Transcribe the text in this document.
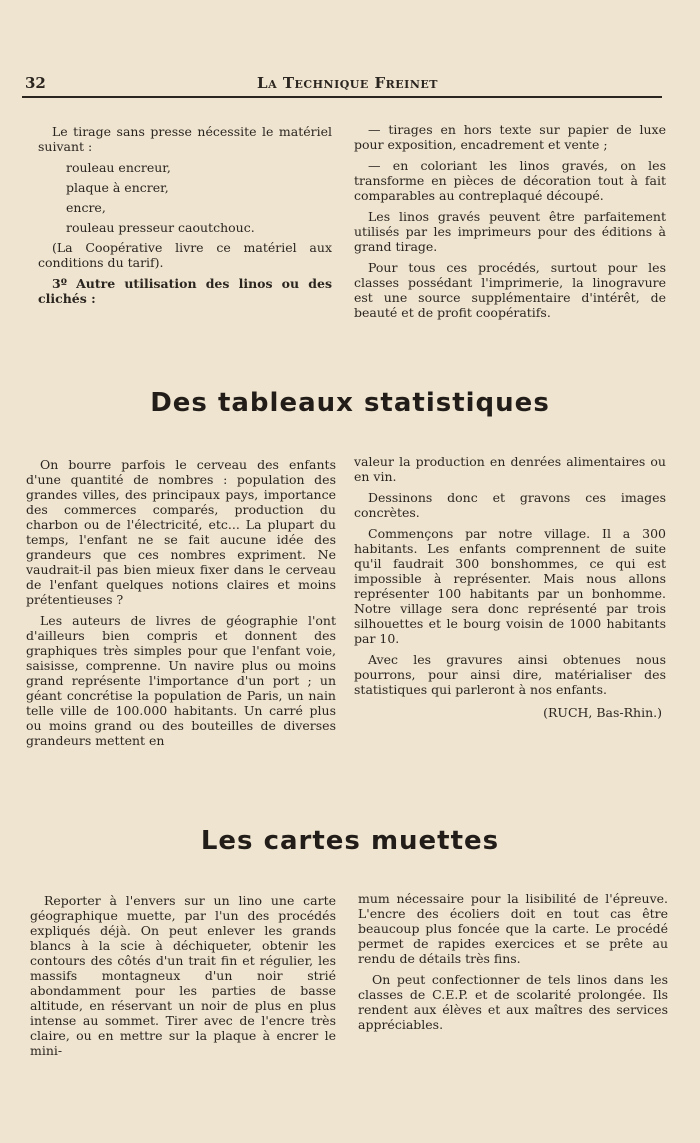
32	La Technique Freinet

Le tirage sans presse nécessite le matériel suivant :

rouleau encreur,

plaque à encrer,

encre,

rouleau presseur caoutchouc.

(La Coopérative livre ce matériel aux conditions du tarif).

3º Autre utilisation des linos ou des clichés :

— tirages en hors texte sur papier de luxe pour exposition, encadrement et vente ;

— en coloriant les linos gravés, on les transforme en pièces de décoration tout à fait comparables au contreplaqué découpé.

Les linos gravés peuvent être parfaitement utilisés par les imprimeurs pour des éditions à grand tirage.

Pour tous ces procédés, surtout pour les classes possédant l'imprimerie, la linogravure est une source supplémentaire d'intérêt, de beauté et de profit coopératifs.

Des tableaux statistiques

On bourre parfois le cerveau des enfants d'une quantité de nombres : population des grandes villes, des principaux pays, importance des commerces comparés, production du charbon ou de l'électricité, etc... La plupart du temps, l'enfant ne se fait aucune idée des grandeurs que ces nombres expriment. Ne vaudrait-il pas bien mieux fixer dans le cerveau de l'enfant quelques notions claires et moins prétentieuses ?

Les auteurs de livres de géographie l'ont d'ailleurs bien compris et donnent des graphiques très simples pour que l'enfant voie, saisisse, comprenne. Un navire plus ou moins grand représente l'importance d'un port ; un géant concrétise la population de Paris, un nain telle ville de 100.000 habitants. Un carré plus ou moins grand ou des bouteilles de diverses grandeurs mettent en

valeur la production en denrées alimentaires ou en vin.

Dessinons donc et gravons ces images concrètes.

Commençons par notre village. Il a 300 habitants. Les enfants comprennent de suite qu'il faudrait 300 bonshommes, ce qui est impossible à représenter. Mais nous allons représenter 100 habitants par un bonhomme. Notre village sera donc représenté par trois silhouettes et le bourg voisin de 1000 habitants par 10.

Avec les gravures ainsi obtenues nous pourrons, pour ainsi dire, matérialiser des statistiques qui parleront à nos enfants.

(RUCH, Bas-Rhin.)

Les cartes muettes

Reporter à l'envers sur un lino une carte géographique muette, par l'un des procédés expliqués déjà. On peut enlever les grands blancs à la scie à déchiqueter, obtenir les contours des côtés d'un trait fin et régulier, les massifs montagneux d'un noir strié abondamment pour les parties de basse altitude, en réservant un noir de plus en plus intense au sommet. Tirer avec de l'encre très claire, ou en mettre sur la plaque à encrer le mini-

mum nécessaire pour la lisibilité de l'épreuve. L'encre des écoliers doit en tout cas être beaucoup plus foncée que la carte. Le procédé permet de rapides exercices et se prête au rendu de détails très fins.

On peut confectionner de tels linos dans les classes de C.E.P. et de scolarité prolongée. Ils rendent aux élèves et aux maîtres des services appréciables.
